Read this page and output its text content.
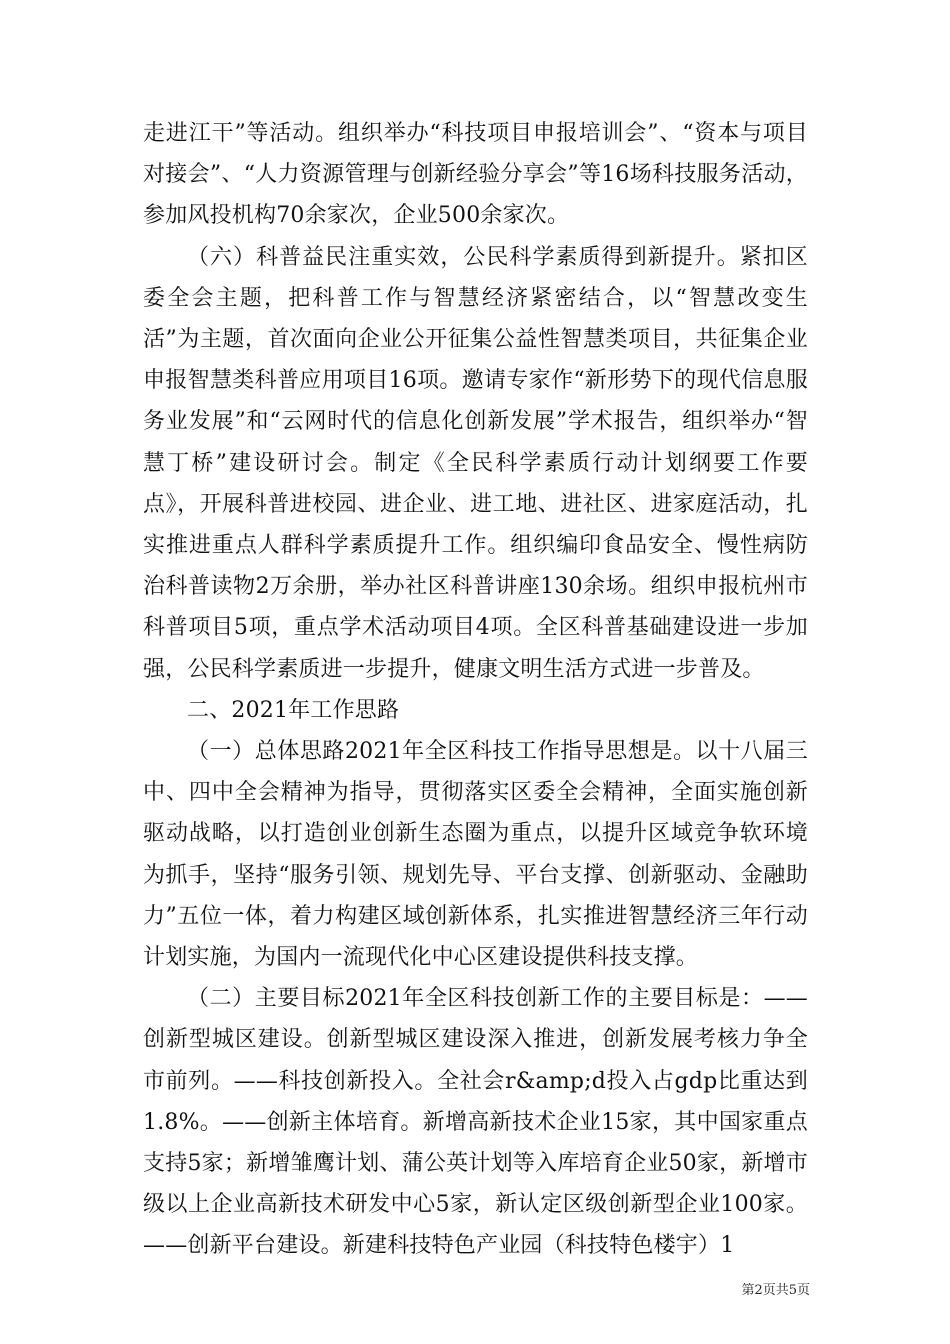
走进江干”等活动。组织举办“科技项目申报培训会”、“资本与项目对接会”、“人力资源管理与创新经验分享会”等16场科技服务活动，参加风投机构70余家次，企业500余家次。

（六）科普益民注重实效，公民科学素质得到新提升。紧扣区委全会主题，把科普工作与智慧经济紧密结合，以“智慧改变生活”为主题，首次面向企业公开征集公益性智慧类项目，共征集企业申报智慧类科普应用项目16项。邀请专家作“新形势下的现代信息服务业发展”和“云网时代的信息化创新发展”学术报告，组织举办“智慧丁桥”建设研讨会。制定《全民科学素质行动计划纲要工作要点》，开展科普进校园、进企业、进工地、进社区、进家庭活动，扎实推进重点人群科学素质提升工作。组织编印食品安全、慢性病防治科普读物2万余册，举办社区科普讲座130余场。组织申报杭州市科普项目5项，重点学术活动项目4项。全区科普基础建设进一步加强，公民科学素质进一步提升，健康文明生活方式进一步普及。

二、2021年工作思路

（一）总体思路2021年全区科技工作指导思想是。以十八届三中、四中全会精神为指导，贯彻落实区委全会精神，全面实施创新驱动战略，以打造创业创新生态圈为重点，以提升区域竞争软环境为抓手，坚持“服务引领、规划先导、平台支撑、创新驱动、金融助力”五位一体，着力构建区域创新体系，扎实推进智慧经济三年行动计划实施，为国内一流现代化中心区建设提供科技支撑。

（二）主要目标2021年全区科技创新工作的主要目标是：——创新型城区建设。创新型城区建设深入推进，创新发展考核力争全市前列。——科技创新投入。全社会r&amp;d投入占gdp比重达到1.8%。——创新主体培育。新增高新技术企业15家，其中国家重点支持5家；新增雏鹰计划、蒲公英计划等入库培育企业50家，新增市级以上企业高新技术研发中心5家，新认定区级创新型企业100家。——创新平台建设。新建科技特色产业园（科技特色楼宇）1

第2页共5页
